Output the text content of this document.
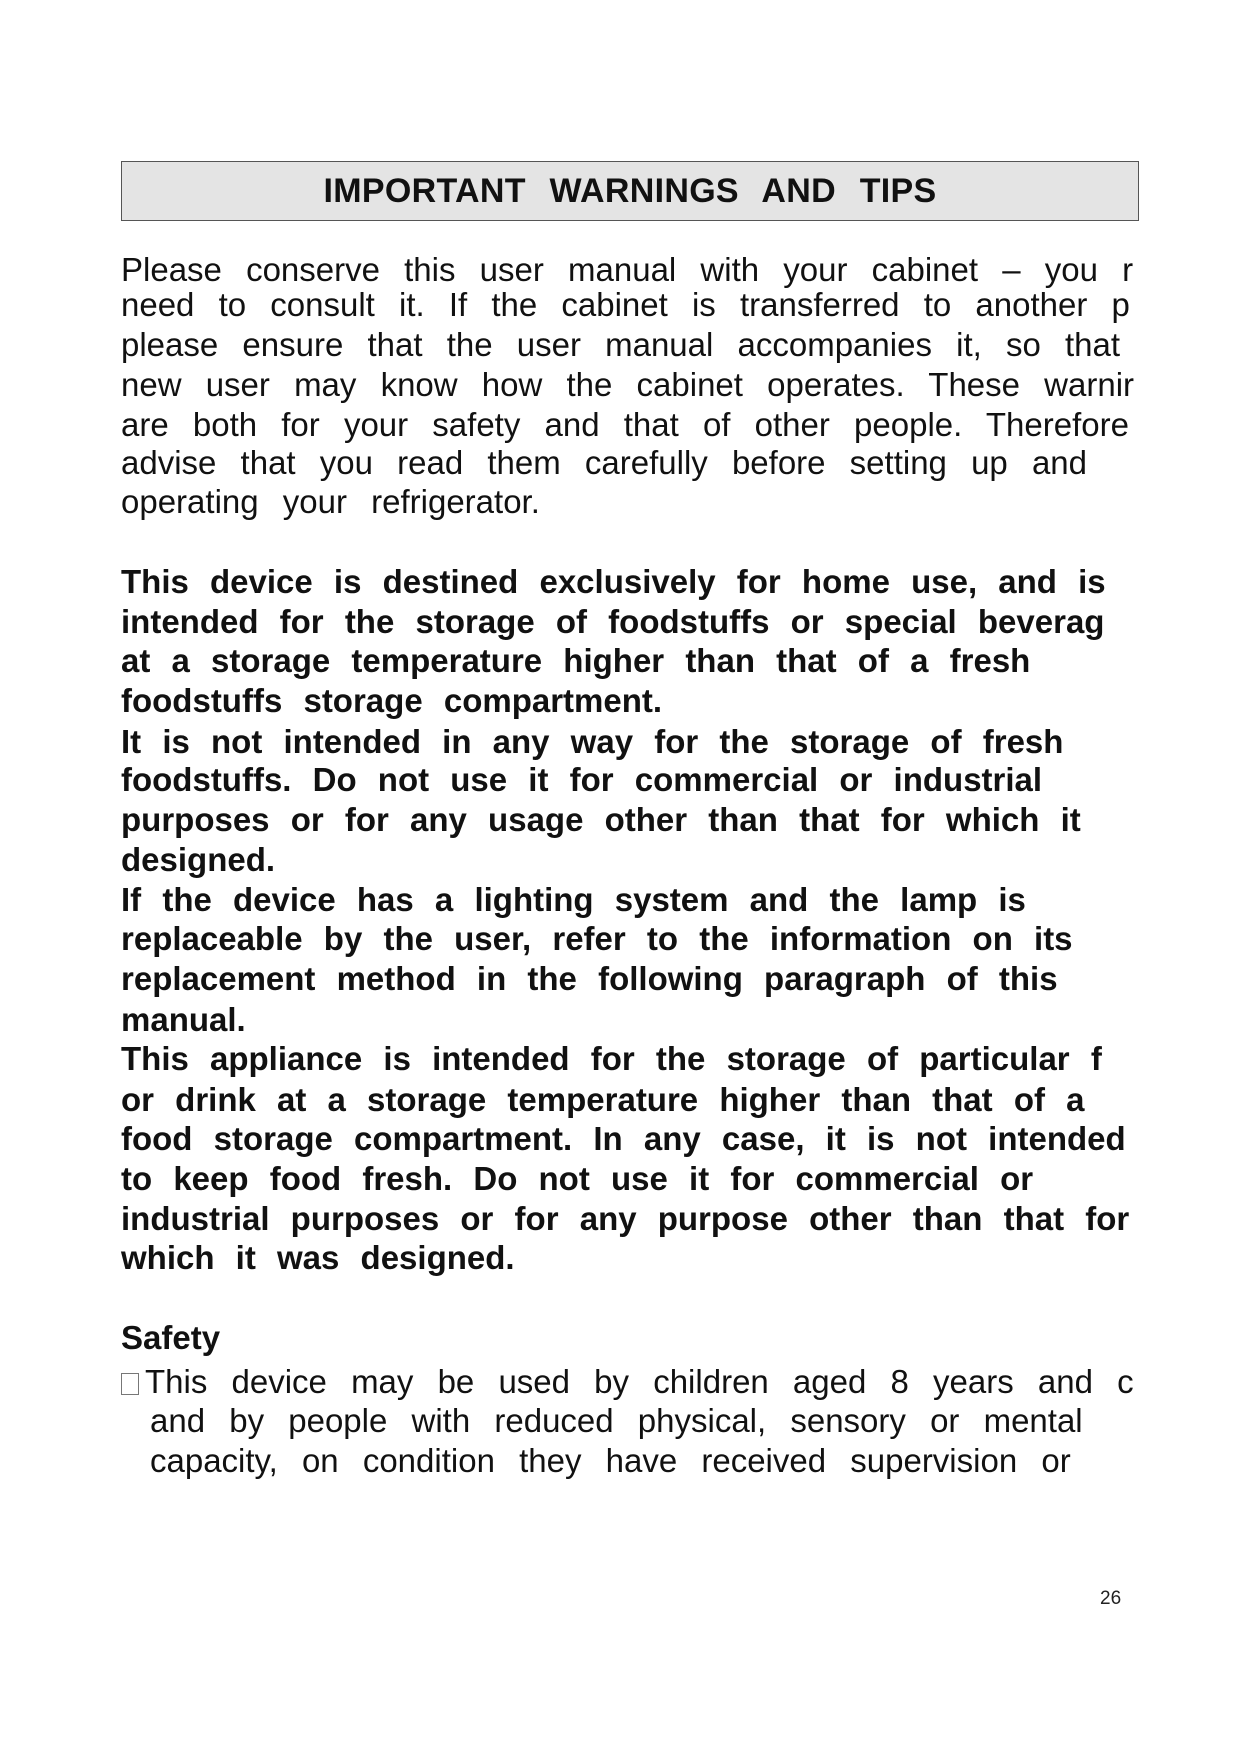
IMPORTANT WARNINGS AND TIPS
Please conserve this user manual with your cabinet – you r
need to consult it. If the cabinet is transferred to another p
please ensure that the user manual accompanies it, so that
new user may know how the cabinet operates. These warnir
are both for your safety and that of other people. Therefore
advise that you read them carefully before setting up and
operating your refrigerator.
This device is destined exclusively for home use, and is
intended for the storage of foodstuffs or special beverag
at a storage temperature higher than that of a fresh
foodstuffs storage compartment.
It is not intended in any way for the storage of fresh
foodstuffs. Do not use it for commercial or industrial
purposes or for any usage other than that for which it
designed.
If the device has a lighting system and the lamp is
replaceable by the user, refer to the information on its
replacement method in the following paragraph of this
manual.
This appliance is intended for the storage of particular f
or drink at a storage temperature higher than that of a
food storage compartment. In any case, it is not intended
to keep food fresh. Do not use it for commercial or
industrial purposes or for any purpose other than that for
which it was designed.
Safety
This device may be used by children aged 8 years and c
and by people with reduced physical, sensory or mental
capacity, on condition they have received supervision or
26
